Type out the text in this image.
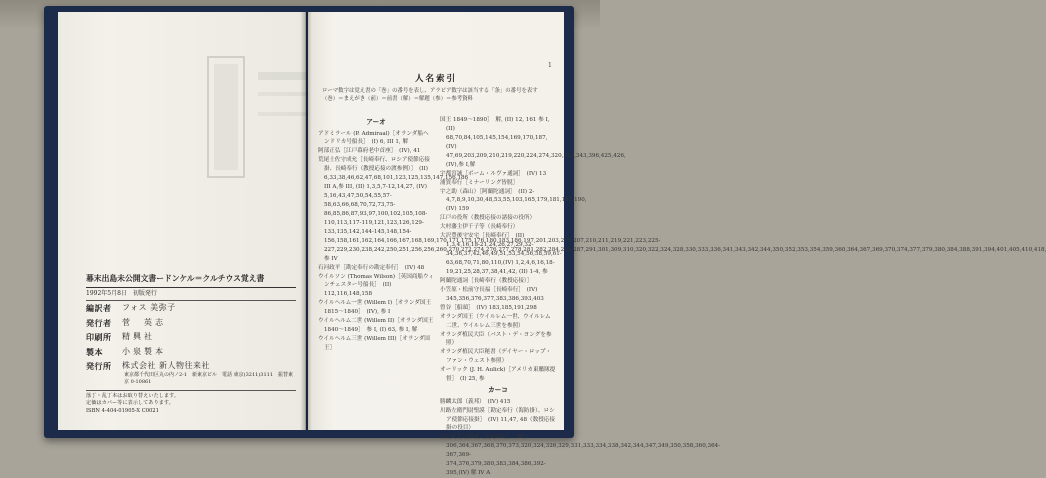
幕末出島未公開文書ードンケル＝クルチウス覚え書
1992年5月8日　初版発行
編訳者	フォス 美弥子
発行者	菅　英志
印刷所	精興社
製本	小泉製本
発行所	株式会社 新人物往来社
東京都千代田区丸の内ノ2-1　新東京ビル　電話 東京(3211)3111　振替東京 0-10861
落丁・乱丁本はお取り替えいたします。
定価はカバー等に表示してあります。
ISBN 4-404-01905-X C0021
1
人名索引
ローマ数字は覚え書の「巻」の番号を表し、アラビア数字は該当する「条」の番号を表す（巻）＝まえがき（前）＝前書（解）＝解題（参）＝参考資料
アーオ
アドミラール (P. Admiraal)［オランダ船ヘンドリカ号船長］　(I) 6, III 1, 解
阿部正弘［江戸幕府老中首座］　(IV), 41
荒尾土佐守成允［長崎奉行、ロシア使節応接掛、長崎奉行（教授応接の渡参例）］　(II) 6,33,38,46,62,47,68,101,123,125,135,147,156,186 III A,参 III, (II) 1,3,5,7-12,14,27, (IV) 5,16,43,47,50,54,55,57-58,63,66,68,70,72,73,75-86,85,86,87,93,97,100,102,105,108-110,113,117-119,121,123,126,129-133,135,142,144-145,148,154-156,158,161,162,164,166,167,168,169,170,171,175,176,180,183,186,197,201,203,206,207,210,211,219,221,223,225-227,229,230,238,242,250,251,256,256,260,270,272,274,276,277,278,281,282,284,286,287,291,301,309,310,320,322,324,328,330,333,336,341,343,342,344,350,352,353,354,359,360,364,367,369,370,374,377,379,380,384,388,391,394,401,405,410,418, 参 IV
石河政平［勘定奉行の勘定奉行］　(IV) 48
ウイルソン (Thomas Wilson)［英国商船ウィンチェスター号船長］　(II) 112,116,148,158
ウイルヘルム一世 (Willem I)［オランダ国王 1815〜1840］　(IV), 参 I
ウイルヘルム二世 (Willem II)［オランダ国王 1840〜1849］　参 I, (I) 63, 参 I, 解
ウイルヘルム三世 (Willem III)［オランダ国王］
国王 1849〜1890］　解, (II) 12, 161 参 I, (II) 68,70,84,105,145,154,169,170,187,(IV) 47,69,203,209,210,219,220,224,274,320,333,343,396,425,426,(IV),参 I,解
宇都宮誠［ボーム・ルヴァ通詞］　(IV) 13
浦賀奉行［ミナーリング皆脱］
宇之助（森山）［阿蘭陀通詞］　(II) 2-4,7,8,9,10,30,48,53,55,103,165,179,181,185,190, (IV) 159
江戸の役所（教授応接の諸接の役所）
大村藩主伊千子等（長崎奉行）
大沢豊後守安宅［長崎奉行］　(II) 1,3,4,16,18-21,24,26,27,29,32-34,36,37,42,46,49,51,53,54,56,58,59,61-63,68,70,71,80,110,(IV) 1,2,4,6,16,18-19,21,25,28,37,38,41,42, (II) 1-4, 参
阿蘭陀通詞［長崎奉行（教授応接）］
小笠原・松前守長福［長崎奉行］　(IV) 345,356,376,377,383,386,393,403
曾谷［船頭］　(IV) 183,185,191,298
オランダ国王（ウイルレム一世、ウイルレム二世、ウイルレム三世を参照）
オランダ植民大臣（バスト・デ・ヨングを参照）
オランダ植民大臣秘書（デイヤー・ロップ・ファン・ウェスト参照）
オーリック (J. H. Aulick)［アメリカ東艦隊提督］　(I) 25, 参
カーコ
勝麟太郎（義邦）　(IV) 415
川路左衛門尉聖謨［勘定奉行（海防掛）、ロシア使節応接掛］　(IV) 11,47, 48（数授応接掛の役目）
川村対馬守修就［長崎奉行］　(IV) 306,364,367,368,370,373,320,324,326,329,331,333,334,338,342,344,347,349,350,358,360,364-367,369-374,376,379,380,383,384,386,392-395,(IV) 解 IV A
